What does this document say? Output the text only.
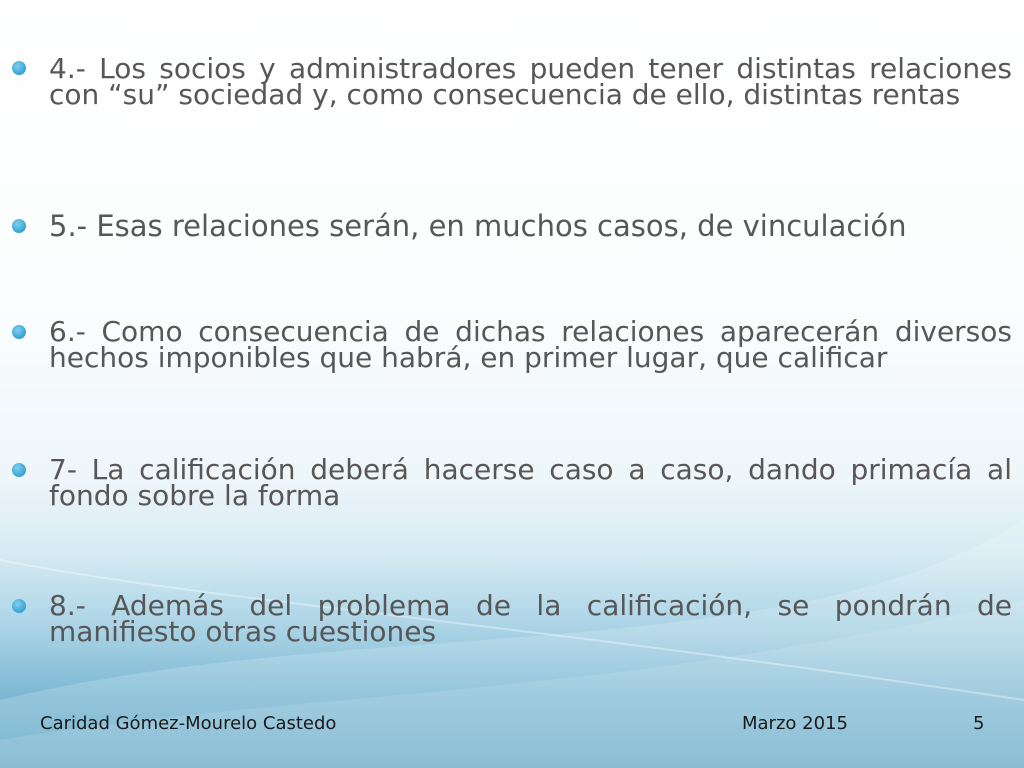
4.- Los socios y administradores pueden tener distintas relaciones con “su” sociedad y, como consecuencia de ello, distintas rentas
5.- Esas relaciones serán, en muchos casos, de vinculación
6.- Como consecuencia de dichas relaciones aparecerán diversos hechos imponibles que habrá, en primer lugar, que calificar
7- La calificación deberá hacerse caso a caso, dando primacía al fondo sobre la forma
8.- Además del problema de la calificación, se pondrán de manifiesto otras cuestiones
Caridad Gómez-Mourelo Castedo	Marzo 2015	5
